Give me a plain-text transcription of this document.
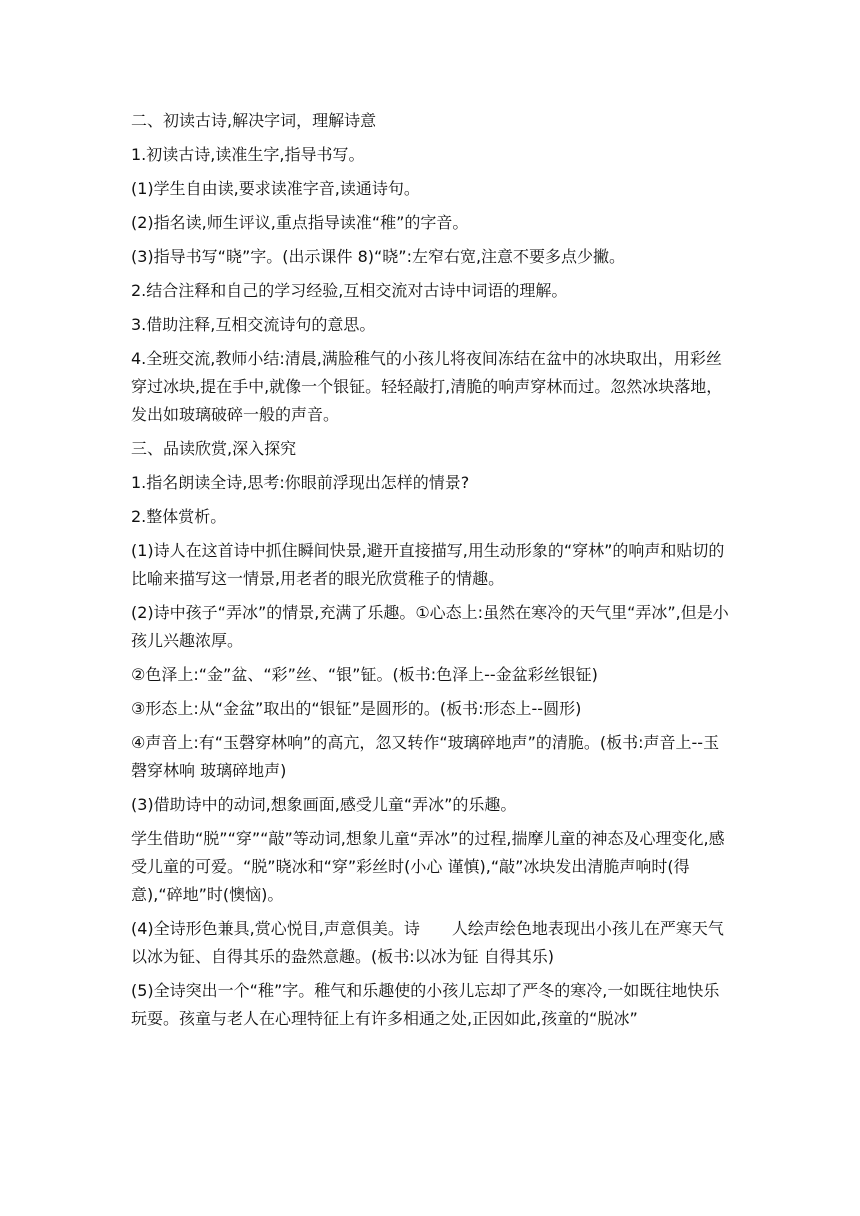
二、初读古诗,解决字词，理解诗意

1.初读古诗,读准生字,指导书写。

(1)学生自由读,要求读准字音,读通诗句。

(2)指名读,师生评议,重点指导读准“稚”的字音。

(3)指导书写“晓”字。(出示课件 8)“晓”:左窄右宽,注意不要多点少撇。

2.结合注释和自己的学习经验,互相交流对古诗中词语的理解。

3.借助注释,互相交流诗句的意思。

4.全班交流,教师小结:清晨,满脸稚气的小孩儿将夜间冻结在盆中的冰块取出，用彩丝穿过冰块,提在手中,就像一个银钲。轻轻敲打,清脆的响声穿林而过。忽然冰块落地，发出如玻璃破碎一般的声音。

三、品读欣赏,深入探究

1.指名朗读全诗,思考:你眼前浮现出怎样的情景?

2.整体赏析。

(1)诗人在这首诗中抓住瞬间快景,避开直接描写,用生动形象的“穿林”的响声和贴切的比喻来描写这一情景,用老者的眼光欣赏稚子的情趣。

(2)诗中孩子“弄冰”的情景,充满了乐趣。①心态上:虽然在寒冷的天气里“弄冰”,但是小孩儿兴趣浓厚。

②色泽上:“金”盆、“彩”丝、“银”钲。(板书:色泽上--金盆彩丝银钲)

③形态上:从“金盆”取出的“银钲”是圆形的。(板书:形态上--圆形)

④声音上:有“玉磬穿林响”的高亢，忽又转作“玻璃碎地声”的清脆。(板书:声音上--玉磬穿林响 玻璃碎地声)

(3)借助诗中的动词,想象画面,感受儿童“弄冰”的乐趣。

学生借助“脱”“穿”“敲”等动词,想象儿童“弄冰”的过程,揣摩儿童的神态及心理变化,感受儿童的可爱。“脱”晓冰和“穿”彩丝时(小心 谨慎),“敲”冰块发出清脆声响时(得意),“碎地”时(懊恼)。

(4)全诗形色兼具,赏心悦目,声意俱美。诗　　人绘声绘色地表现出小孩儿在严寒天气以冰为钲、自得其乐的盎然意趣。(板书:以冰为钲 自得其乐)

(5)全诗突出一个“稚”字。稚气和乐趣使的小孩儿忘却了严冬的寒冷,一如既往地快乐玩耍。孩童与老人在心理特征上有许多相通之处,正因如此,孩童的“脱冰”
